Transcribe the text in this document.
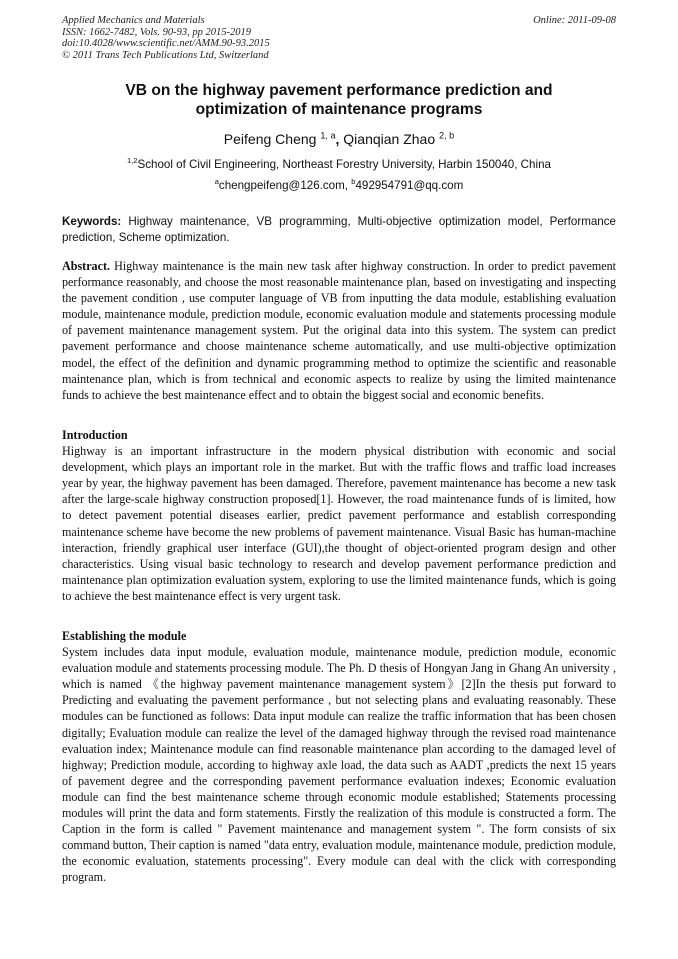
Applied Mechanics and Materials
ISSN: 1662-7482, Vols. 90-93, pp 2015-2019
doi:10.4028/www.scientific.net/AMM.90-93.2015
© 2011 Trans Tech Publications Ltd, Switzerland
Online: 2011-09-08
VB on the highway pavement performance prediction and
optimization of maintenance programs
Peifeng Cheng $^{1, a}$, Qianqian Zhao $^{2, b}$
$^{1,2}$School of Civil Engineering, Northeast Forestry University, Harbin 150040, China
$^a$chengpeifeng@126.com, $^b$492954791@qq.com
Keywords: Highway maintenance, VB programming, Multi-objective optimization model, Performance prediction, Scheme optimization.
Abstract. Highway maintenance is the main new task after highway construction. In order to predict pavement performance reasonably, and choose the most reasonable maintenance plan, based on investigating and inspecting the pavement condition , use computer language of VB from inputting the data module, establishing evaluation module, maintenance module, prediction module, economic evaluation module and statements processing module of pavement maintenance management system. Put the original data into this system. The system can predict pavement performance and choose maintenance scheme automatically, and use multi-objective optimization model, the effect of the definition and dynamic programming method to optimize the scientific and reasonable maintenance plan, which is from technical and economic aspects to realize by using the limited maintenance funds to achieve the best maintenance effect and to obtain the biggest social and economic benefits.
Introduction
Highway is an important infrastructure in the modern physical distribution with economic and social development, which plays an important role in the market. But with the traffic flows and traffic load increases year by year, the highway pavement has been damaged. Therefore, pavement maintenance has become a new task after the large-scale highway construction proposed[1]. However, the road maintenance funds of is limited, how to detect pavement potential diseases earlier, predict pavement performance and establish corresponding maintenance scheme have become the new problems of pavement maintenance. Visual Basic has human-machine interaction, friendly graphical user interface (GUI),the thought of object-oriented program design and other characteristics. Using visual basic technology to research and develop pavement performance prediction and maintenance plan optimization evaluation system, exploring to use the limited maintenance funds, which is going to achieve the best maintenance effect is very urgent task.
Establishing the module
System includes data input module, evaluation module, maintenance module, prediction module, economic evaluation module and statements processing module. The Ph. D thesis of Hongyan Jang in Ghang An university , which is named 《the highway pavement maintenance management system》[2]In the thesis put forward to Predicting and evaluating the pavement performance , but not selecting plans and evaluating reasonably. These modules can be functioned as follows: Data input module can realize the traffic information that has been chosen digitally; Evaluation module can realize the level of the damaged highway through the revised road maintenance evaluation index; Maintenance module can find reasonable maintenance plan according to the damaged level of highway; Prediction module, according to highway axle load, the data such as AADT ,predicts the next 15 years of pavement degree and the corresponding pavement performance evaluation indexes; Economic evaluation module can find the best maintenance scheme through economic module established; Statements processing modules will print the data and form statements. Firstly the realization of this module is constructed a form. The Caption in the form is called " Pavement maintenance and management system ". The form consists of six command button, Their caption is named "data entry, evaluation module, maintenance module, prediction module, the economic evaluation, statements processing". Every module can deal with the click with corresponding program.
